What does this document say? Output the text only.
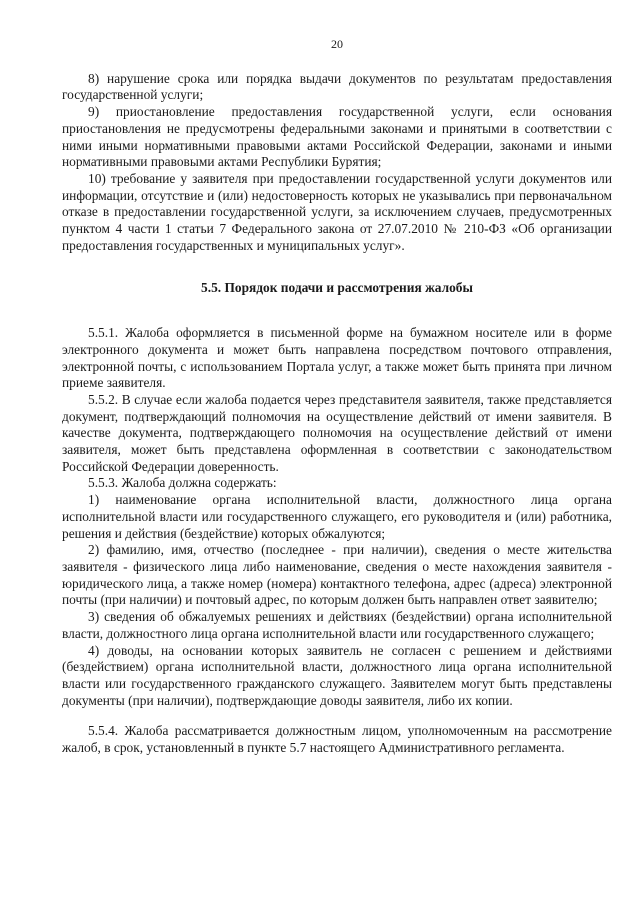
20

8) нарушение срока или порядка выдачи документов по результатам предоставления государственной услуги;

9) приостановление предоставления государственной услуги, если основания приостановления не предусмотрены федеральными законами и принятыми в соответствии с ними иными нормативными правовыми актами Российской Федерации, законами и иными нормативными правовыми актами Республики Бурятия;

10) требование у заявителя при предоставлении государственной услуги документов или информации, отсутствие и (или) недостоверность которых не указывались при первоначальном отказе в предоставлении государственной услуги, за исключением случаев, предусмотренных пунктом 4 части 1 статьи 7 Федерального закона от 27.07.2010 № 210-ФЗ «Об организации предоставления государственных и муниципальных услуг».

5.5. Порядок подачи и рассмотрения жалобы

5.5.1. Жалоба оформляется в письменной форме на бумажном носителе или в форме электронного документа и может быть направлена посредством почтового отправления, электронной почты, с использованием Портала услуг, а также может быть принята при личном приеме заявителя.

5.5.2. В случае если жалоба подается через представителя заявителя, также представляется документ, подтверждающий полномочия на осуществление действий от имени заявителя. В качестве документа, подтверждающего полномочия на осуществление действий от имени заявителя, может быть представлена оформленная в соответствии с законодательством Российской Федерации доверенность.

5.5.3. Жалоба должна содержать:

1) наименование органа исполнительной власти, должностного лица органа исполнительной власти или государственного служащего, его руководителя и (или) работника, решения и действия (бездействие) которых обжалуются;

2) фамилию, имя, отчество (последнее - при наличии), сведения о месте жительства заявителя - физического лица либо наименование, сведения о месте нахождения заявителя - юридического лица, а также номер (номера) контактного телефона, адрес (адреса) электронной почты (при наличии) и почтовый адрес, по которым должен быть направлен ответ заявителю;

3) сведения об обжалуемых решениях и действиях (бездействии) органа исполнительной власти, должностного лица органа исполнительной власти или государственного служащего;

4) доводы, на основании которых заявитель не согласен с решением и действиями (бездействием) органа исполнительной власти, должностного лица органа исполнительной власти или государственного гражданского служащего. Заявителем могут быть представлены документы (при наличии), подтверждающие доводы заявителя, либо их копии.

5.5.4. Жалоба рассматривается должностным лицом, уполномоченным на рассмотрение жалоб, в срок, установленный в пункте 5.7 настоящего Административного регламента.
